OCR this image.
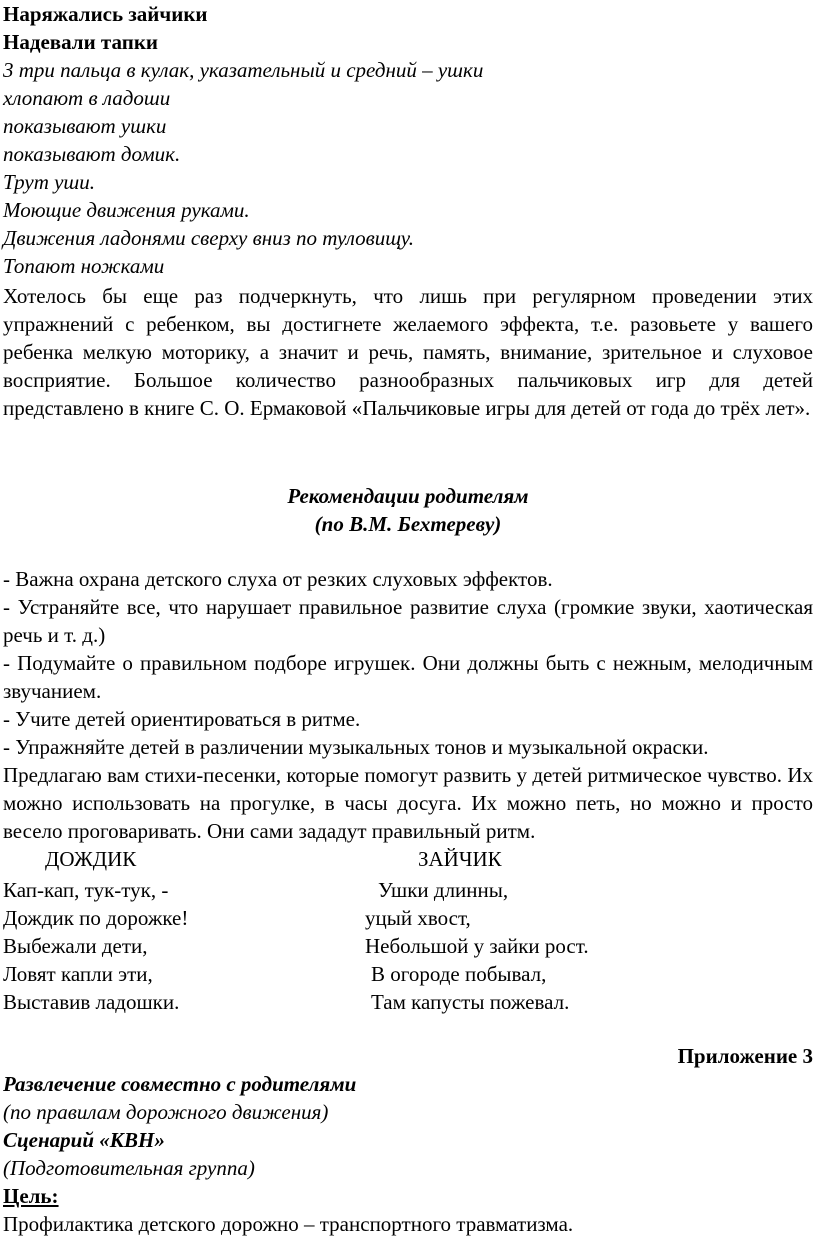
Наряжались зайчики
Надевали тапки
3 три пальца в кулак, указательный и средний – ушки
хлопают в ладоши
показывают ушки
показывают домик.
Трут уши.
Моющие движения руками.
Движения ладонями сверху вниз по туловищу.
Топают ножками

Хотелось бы еще раз подчеркнуть, что лишь при регулярном проведении этих упражнений с ребенком, вы достигнете желаемого эффекта, т.е. разовьете у вашего ребенка мелкую моторику, а значит и речь, память, внимание, зрительное и слуховое восприятие. Большое количество разнообразных пальчиковых игр для детей представлено в книге С. О. Ермаковой «Пальчиковые игры для детей от года до трёх лет».

Рекомендации родителям
(по В.М. Бехтереву)

- Важна охрана детского слуха от резких слуховых эффектов.

- Устраняйте все, что нарушает правильное развитие слуха (громкие звуки, хаотическая речь и т. д.)

- Подумайте о правильном подборе игрушек. Они должны быть с нежным, мелодичным звучанием.

- Учите детей ориентироваться в ритме.

- Упражняйте детей в различении музыкальных тонов и музыкальной окраски.

Предлагаю вам стихи-песенки, которые помогут развить у детей ритмическое чувство. Их можно использовать на прогулке, в часы досуга. Их можно петь, но можно и просто весело проговаривать. Они сами зададут правильный ритм.

ДОЖДИК	ЗАЙЧИК
Кап-кап, тук-тук, -
Дождик по дорожке!
Выбежали дети,
Ловят капли эти,
Выставив ладошки.
Ушки длинны,
уцый хвост,
Небольшой у зайки рост.
В огороде побывал,
Там капусты пожевал.
Приложение 3
Развлечение совместно с родителями
(по правилам дорожного движения)
Сценарий «КВН»
(Подготовительная группа)
Цель:
Профилактика детского дорожно – транспортного травматизма.
